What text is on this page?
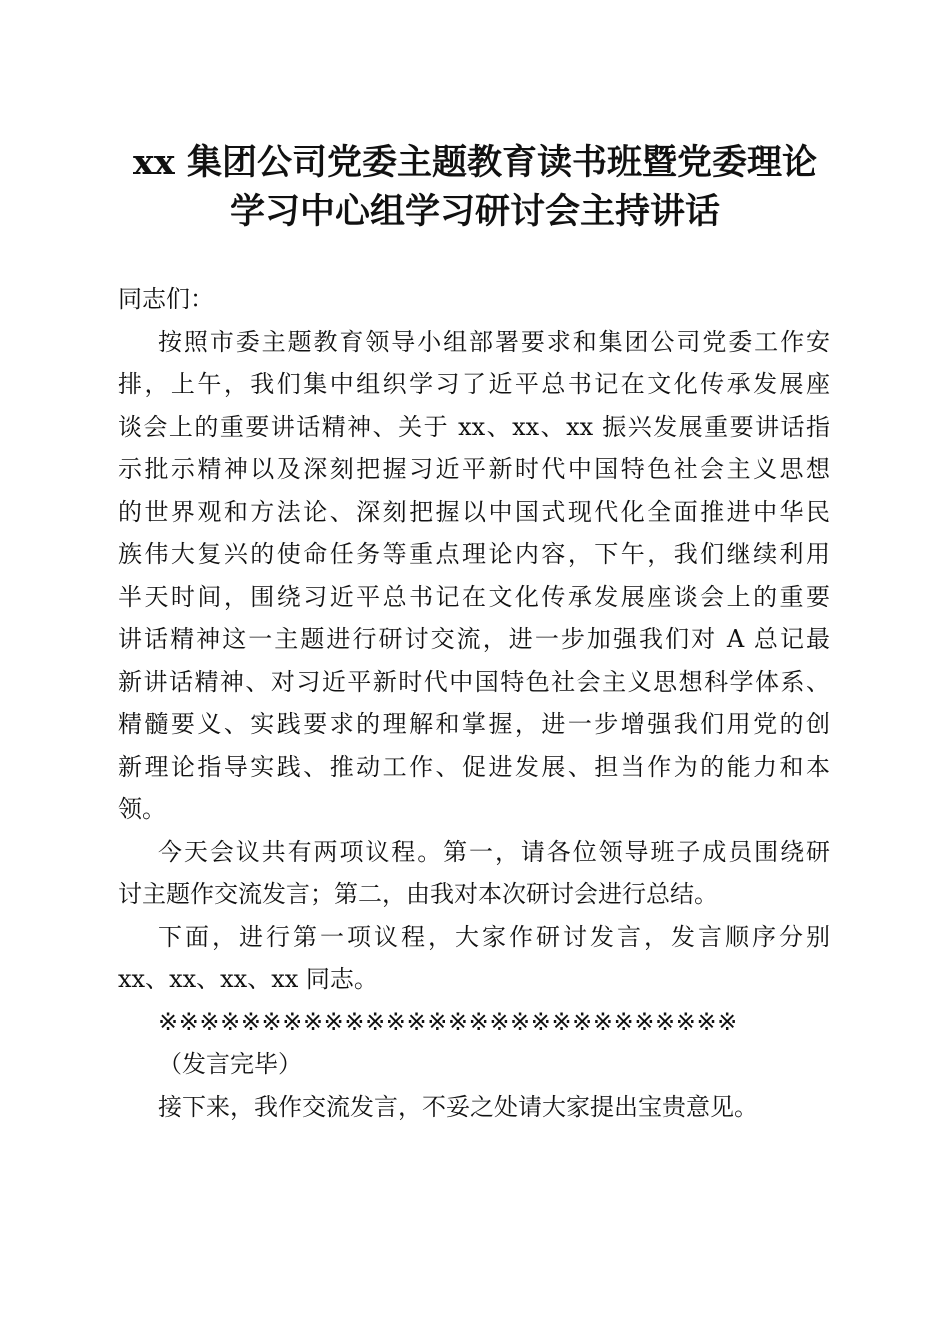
xx 集团公司党委主题教育读书班暨党委理论
学习中心组学习研讨会主持讲话
同志们：
按照市委主题教育领导小组部署要求和集团公司党委工作安
排，上午，我们集中组织学习了近平总书记在文化传承发展座
谈会上的重要讲话精神、关于 xx、xx、xx 振兴发展重要讲话指
示批示精神以及深刻把握习近平新时代中国特色社会主义思想
的世界观和方法论、深刻把握以中国式现代化全面推进中华民
族伟大复兴的使命任务等重点理论内容，下午，我们继续利用
半天时间，围绕习近平总书记在文化传承发展座谈会上的重要
讲话精神这一主题进行研讨交流，进一步加强我们对 A 总记最
新讲话精神、对习近平新时代中国特色社会主义思想科学体系、
精髓要义、实践要求的理解和掌握，进一步增强我们用党的创
新理论指导实践、推动工作、促进发展、担当作为的能力和本
领。
今天会议共有两项议程。第一，请各位领导班子成员围绕研
讨主题作交流发言；第二，由我对本次研讨会进行总结。
下面，进行第一项议程，大家作研讨发言，发言顺序分别
xx、xx、xx、xx 同志。
※※※※※※※※※※※※※※※※※※※※※※※※※※※※
（发言完毕）
接下来，我作交流发言，不妥之处请大家提出宝贵意见。
